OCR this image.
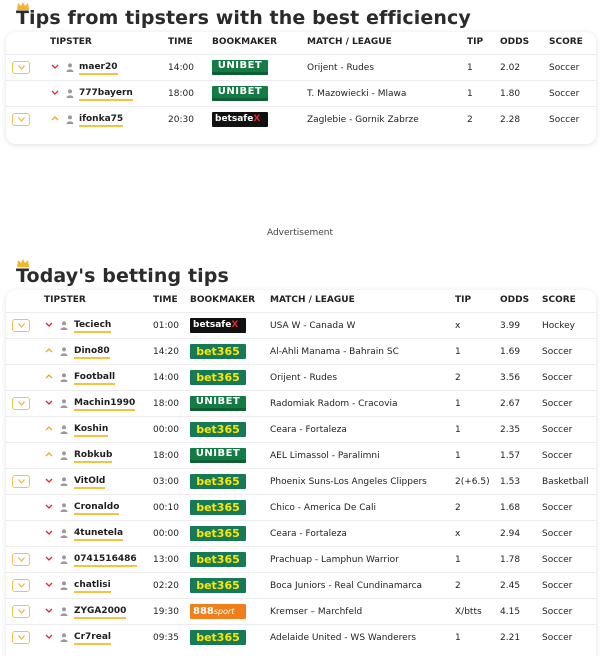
Tips from tipsters with the best efficiency
TIPSTER	TIME BOOKMAKER	MATCH / LEAGUE	TIP ODDS SCORE
maer20	14:00	UNIBET	Orijent - Rudes	1	2.02	Soccer
777bayern	18:00	UNIBET	T. Mazowiecki - Mlawa	1	1.80	Soccer
ifonka75	20:30	betsafeX	Zaglebie - Gornik Zabrze	2	2.28	Soccer
Advertisement
Today's betting tips
TIPSTER	TIME BOOKMAKER MATCH / LEAGUE	TIP	ODDS SCORE
Teciech	01:00	betsafeX	USA W - Canada W	x	3.99 Hockey
Dino80	14:20	bet365	Al-Ahli Manama - Bahrain SC	1	1.69 Soccer
Football	14:00	bet365	Orijent - Rudes	2	3.56 Soccer
Machin1990 18:00	UNIBET	Radomiak Radom - Cracovia	1	2.67 Soccer
Koshin	00:00	bet365	Ceara - Fortaleza	1	2.35 Soccer
Robkub	18:00	UNIBET	AEL Limassol - Paralimni	1	1.57 Soccer
VitOld	03:00	bet365	Phoenix Suns-Los Angeles Clippers	2(+6.5) 1.53 Basketball
Cronaldo	00:10	bet365	Chico - America De Cali	2	1.68 Soccer
4tunetela	00:00	bet365	Ceara - Fortaleza	x	2.94 Soccer
0741516486 13:00	bet365	Prachuap - Lamphun Warrior	1	1.78 Soccer
chatlisi	02:20	bet365	Boca Juniors - Real Cundinamarca	2	2.45 Soccer
ZYGA2000	19:30	888sport	Kremser – Marchfeld	X/btts 4.15 Soccer
Cr7real	09:35	bet365	Adelaide United - WS Wanderers	1	2.21 Soccer
